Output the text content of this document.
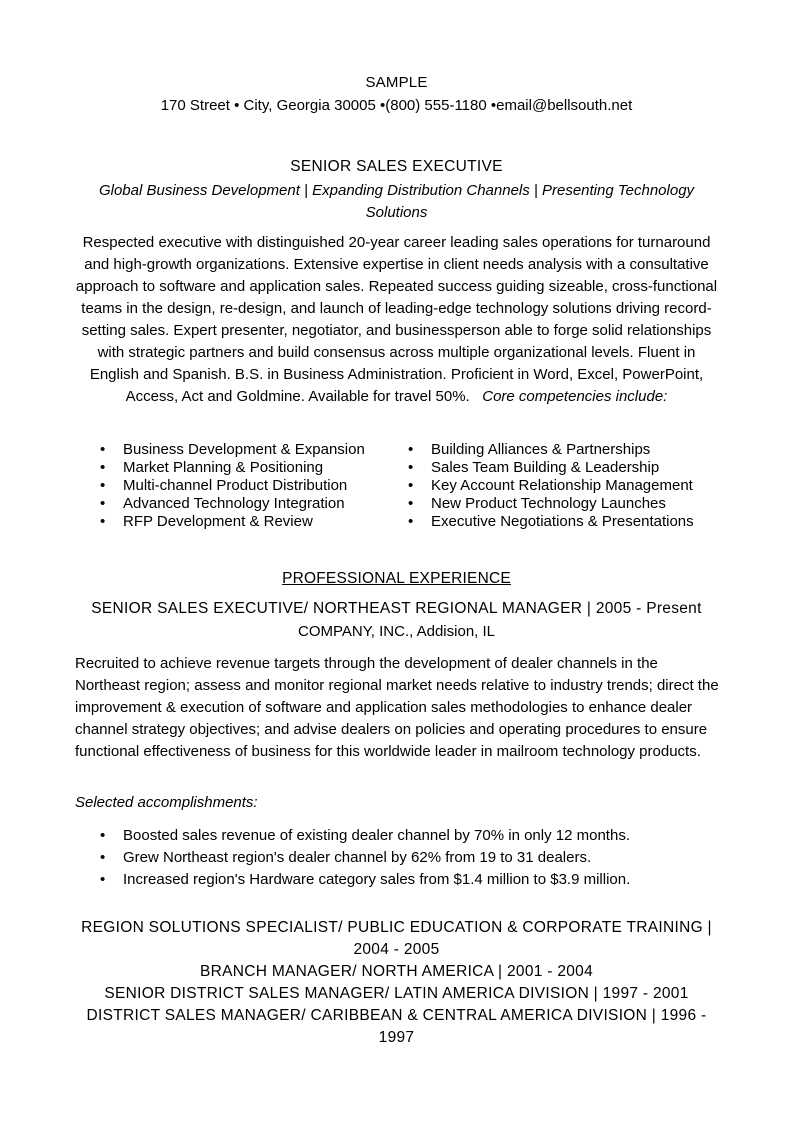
SAMPLE
170 Street • City, Georgia 30005 •(800) 555-1180 •email@bellsouth.net
SENIOR SALES EXECUTIVE
Global Business Development | Expanding Distribution Channels | Presenting Technology Solutions
Respected executive with distinguished 20-year career leading sales operations for turnaround and high-growth organizations. Extensive expertise in client needs analysis with a consultative approach to software and application sales. Repeated success guiding sizeable, cross-functional teams in the design, re-design, and launch of leading-edge technology solutions driving record-setting sales. Expert presenter, negotiator, and businessperson able to forge solid relationships with strategic partners and build consensus across multiple organizational levels. Fluent in English and Spanish. B.S. in Business Administration. Proficient in Word, Excel, PowerPoint, Access, Act and Goldmine. Available for travel 50%. Core competencies include:
• Business Development & Expansion
• Market Planning & Positioning
• Multi-channel Product Distribution
• Advanced Technology Integration
• RFP Development & Review
• Building Alliances & Partnerships
• Sales Team Building & Leadership
• Key Account Relationship Management
• New Product Technology Launches
• Executive Negotiations & Presentations
PROFESSIONAL EXPERIENCE
SENIOR SALES EXECUTIVE/ NORTHEAST REGIONAL MANAGER | 2005 - Present
COMPANY, INC., Addision, IL
Recruited to achieve revenue targets through the development of dealer channels in the Northeast region; assess and monitor regional market needs relative to industry trends; direct the improvement & execution of software and application sales methodologies to enhance dealer channel strategy objectives; and advise dealers on policies and operating procedures to ensure functional effectiveness of business for this worldwide leader in mailroom technology products.
Selected accomplishments:
• Boosted sales revenue of existing dealer channel by 70% in only 12 months.
• Grew Northeast region's dealer channel by 62% from 19 to 31 dealers.
• Increased region's Hardware category sales from $1.4 million to $3.9 million.
REGION SOLUTIONS SPECIALIST/ PUBLIC EDUCATION & CORPORATE TRAINING | 2004 - 2005
BRANCH MANAGER/ NORTH AMERICA | 2001 - 2004
SENIOR DISTRICT SALES MANAGER/ LATIN AMERICA DIVISION | 1997 - 2001
DISTRICT SALES MANAGER/ CARIBBEAN & CENTRAL AMERICA DIVISION | 1996 - 1997
